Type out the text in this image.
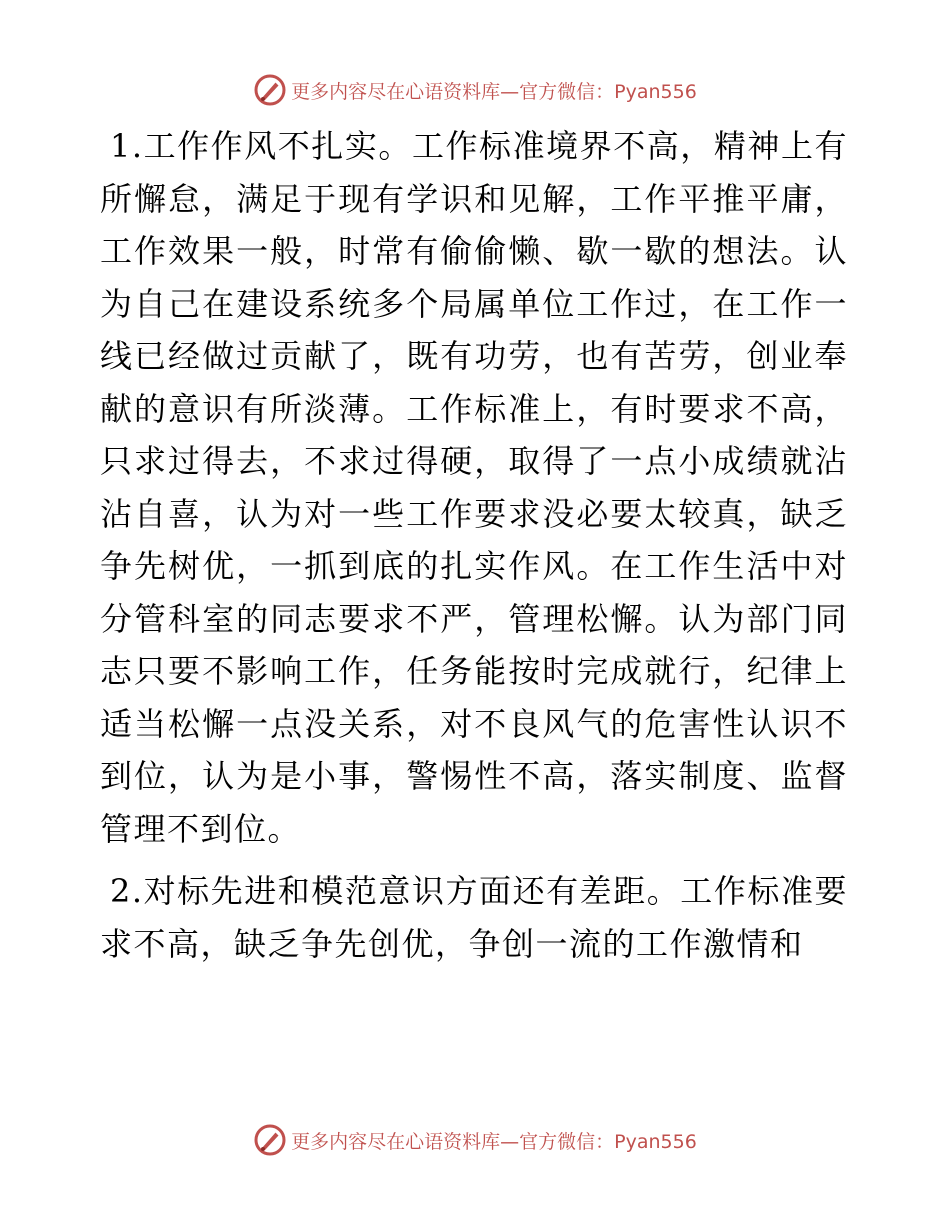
更多内容尽在心语资料库—官方微信：Pyan556

1.工作作风不扎实。工作标准境界不高，精神上有所懈怠，满足于现有学识和见解，工作平推平庸，工作效果一般，时常有偷偷懒、歇一歇的想法。认为自己在建设系统多个局属单位工作过，在工作一线已经做过贡献了，既有功劳，也有苦劳，创业奉献的意识有所淡薄。工作标准上，有时要求不高，只求过得去，不求过得硬，取得了一点小成绩就沾沾自喜，认为对一些工作要求没必要太较真，缺乏争先树优，一抓到底的扎实作风。在工作生活中对分管科室的同志要求不严，管理松懈。认为部门同志只要不影响工作，任务能按时完成就行，纪律上适当松懈一点没关系，对不良风气的危害性认识不到位，认为是小事，警惕性不高，落实制度、监督管理不到位。

2.对标先进和模范意识方面还有差距。工作标准要求不高，缺乏争先创优，争创一流的工作激情和

更多内容尽在心语资料库—官方微信：Pyan556
